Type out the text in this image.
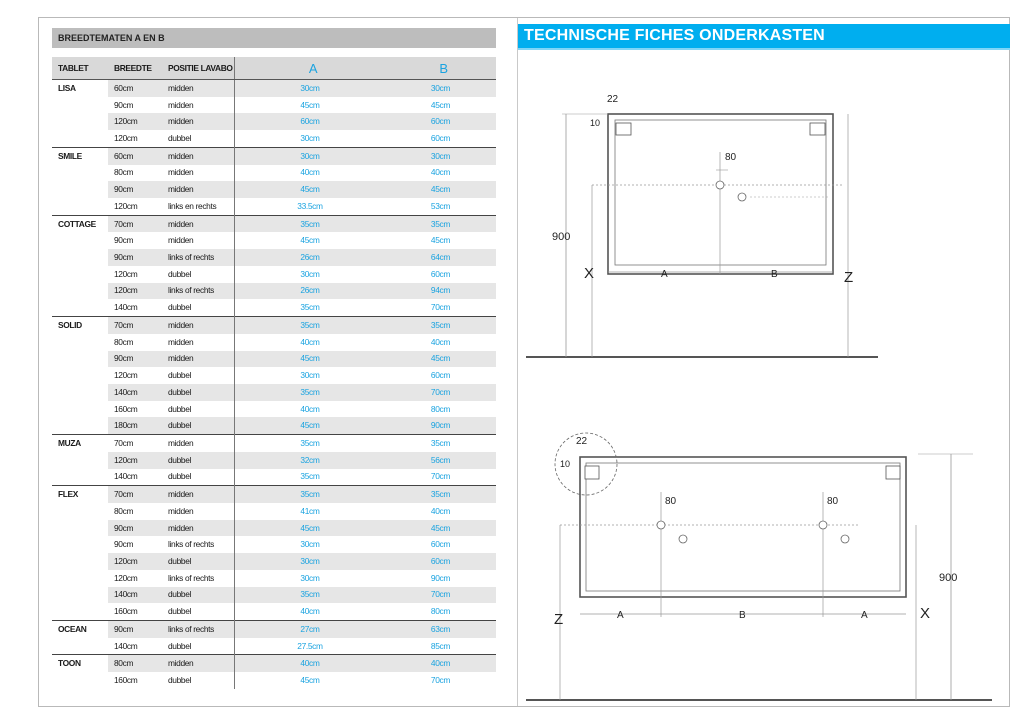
BREEDTEMATEN A EN B
TABLET	BREEDTE	POSITIE LAVABO	A	B
LISA	60cm	midden	30cm	30cm
	90cm	midden	45cm	45cm
	120cm	midden	60cm	60cm
	120cm	dubbel	30cm	60cm
SMILE	60cm	midden	30cm	30cm
	80cm	midden	40cm	40cm
	90cm	midden	45cm	45cm
	120cm	links en rechts	33.5cm	53cm
COTTAGE	70cm	midden	35cm	35cm
	90cm	midden	45cm	45cm
	90cm	links of rechts	26cm	64cm
	120cm	dubbel	30cm	60cm
	120cm	links of rechts	26cm	94cm
	140cm	dubbel	35cm	70cm
SOLID	70cm	midden	35cm	35cm
	80cm	midden	40cm	40cm
	90cm	midden	45cm	45cm
	120cm	dubbel	30cm	60cm
	140cm	dubbel	35cm	70cm
	160cm	dubbel	40cm	80cm
	180cm	dubbel	45cm	90cm
MUZA	70cm	midden	35cm	35cm
	120cm	dubbel	32cm	56cm
	140cm	dubbel	35cm	70cm
FLEX	70cm	midden	35cm	35cm
	80cm	midden	41cm	40cm
	90cm	midden	45cm	45cm
	90cm	links of rechts	30cm	60cm
	120cm	dubbel	30cm	60cm
	120cm	links of rechts	30cm	90cm
	140cm	dubbel	35cm	70cm
	160cm	dubbel	40cm	80cm
OCEAN	90cm	links of rechts	27cm	63cm
	140cm	dubbel	27.5cm	85cm
TOON	80cm	midden	40cm	40cm
	160cm	dubbel	45cm	70cm
TECHNISCHE FICHES ONDERKASTEN
22
10
80
900
X	A	B	Z
22
10
80	80
900
Z	A	B	A	X
